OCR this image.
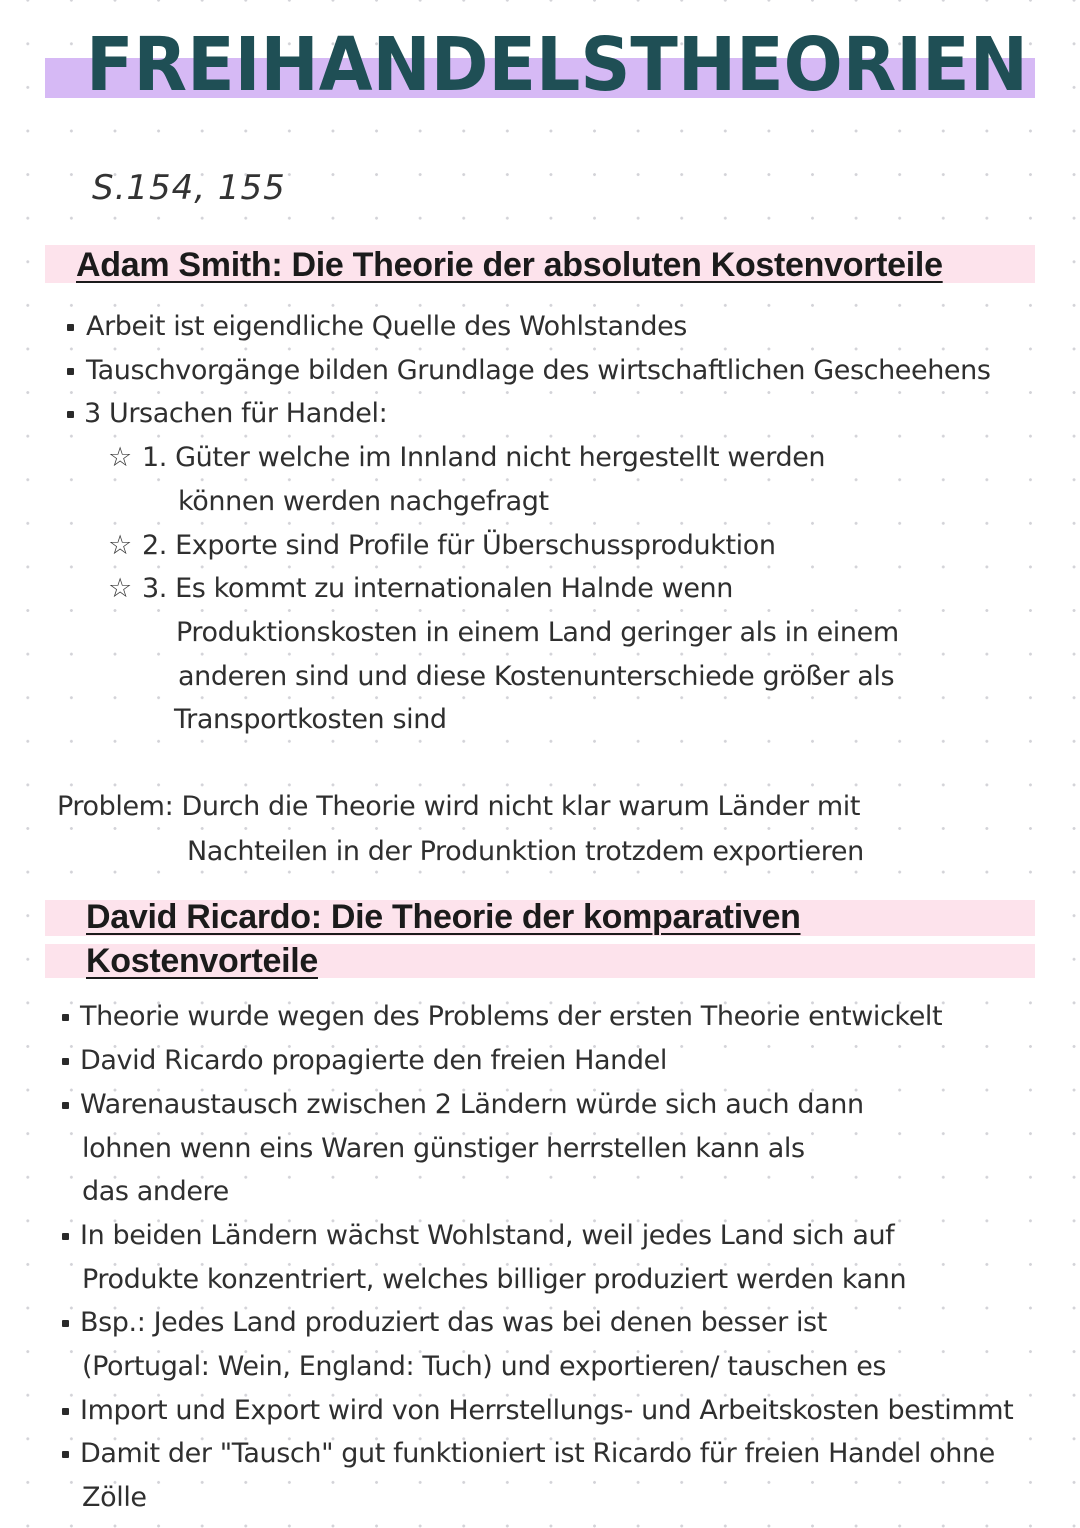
FREIHANDELSTHEORIEN
S.154, 155
Adam Smith: Die Theorie der absoluten Kostenvorteile
Arbeit ist eigendliche Quelle des Wohlstandes
Tauschvorgänge bilden Grundlage des wirtschaftlichen Gescheehens
3 Ursachen für Handel:
☆ 1. Güter welche im Innland nicht hergestellt werden
können werden nachgefragt
☆ 2. Exporte sind Profile für Überschussproduktion
☆ 3. Es kommt zu internationalen Halnde wenn
Produktionskosten in einem Land geringer als in einem
anderen sind und diese Kostenunterschiede größer als
Transportkosten sind
Problem: Durch die Theorie wird nicht klar warum Länder mit
Nachteilen in der Produnktion trotzdem exportieren
David Ricardo: Die Theorie der komparativen
Kostenvorteile
Theorie wurde wegen des Problems der ersten Theorie entwickelt
David Ricardo propagierte den freien Handel
Warenaustausch zwischen 2 Ländern würde sich auch dann
lohnen wenn eins Waren günstiger herrstellen kann als
das andere
In beiden Ländern wächst Wohlstand, weil jedes Land sich auf
Produkte konzentriert, welches billiger produziert werden kann
Bsp.: Jedes Land produziert das was bei denen besser ist
(Portugal: Wein, England: Tuch) und exportieren/ tauschen es
Import und Export wird von Herrstellungs- und Arbeitskosten bestimmt
Damit der "Tausch" gut funktioniert ist Ricardo für freien Handel ohne
Zölle
